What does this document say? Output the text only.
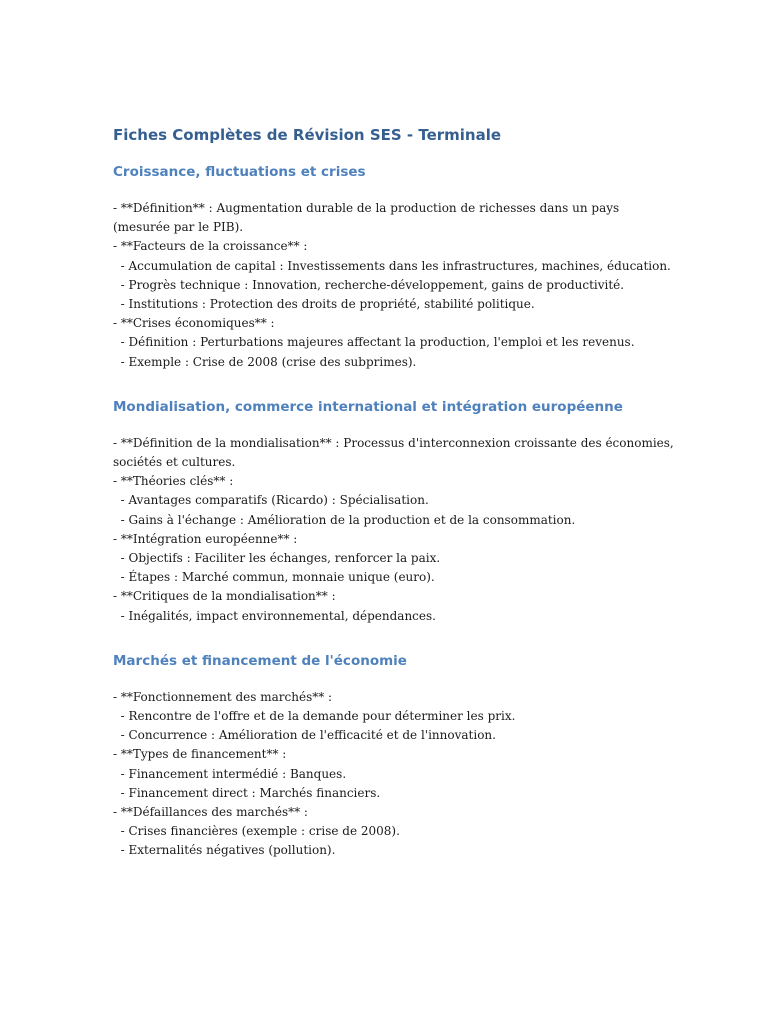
Fiches Complètes de Révision SES - Terminale
Croissance, fluctuations et crises
- **Définition** : Augmentation durable de la production de richesses dans un pays
(mesurée par le PIB).
- **Facteurs de la croissance** :
- Accumulation de capital : Investissements dans les infrastructures, machines, éducation.
- Progrès technique : Innovation, recherche-développement, gains de productivité.
- Institutions : Protection des droits de propriété, stabilité politique.
- **Crises économiques** :
- Définition : Perturbations majeures affectant la production, l'emploi et les revenus.
- Exemple : Crise de 2008 (crise des subprimes).
Mondialisation, commerce international et intégration européenne
- **Définition de la mondialisation** : Processus d'interconnexion croissante des économies,
sociétés et cultures.
- **Théories clés** :
- Avantages comparatifs (Ricardo) : Spécialisation.
- Gains à l'échange : Amélioration de la production et de la consommation.
- **Intégration européenne** :
- Objectifs : Faciliter les échanges, renforcer la paix.
- Étapes : Marché commun, monnaie unique (euro).
- **Critiques de la mondialisation** :
- Inégalités, impact environnemental, dépendances.
Marchés et financement de l'économie
- **Fonctionnement des marchés** :
- Rencontre de l'offre et de la demande pour déterminer les prix.
- Concurrence : Amélioration de l'efficacité et de l'innovation.
- **Types de financement** :
- Financement intermédié : Banques.
- Financement direct : Marchés financiers.
- **Défaillances des marchés** :
- Crises financières (exemple : crise de 2008).
- Externalités négatives (pollution).
